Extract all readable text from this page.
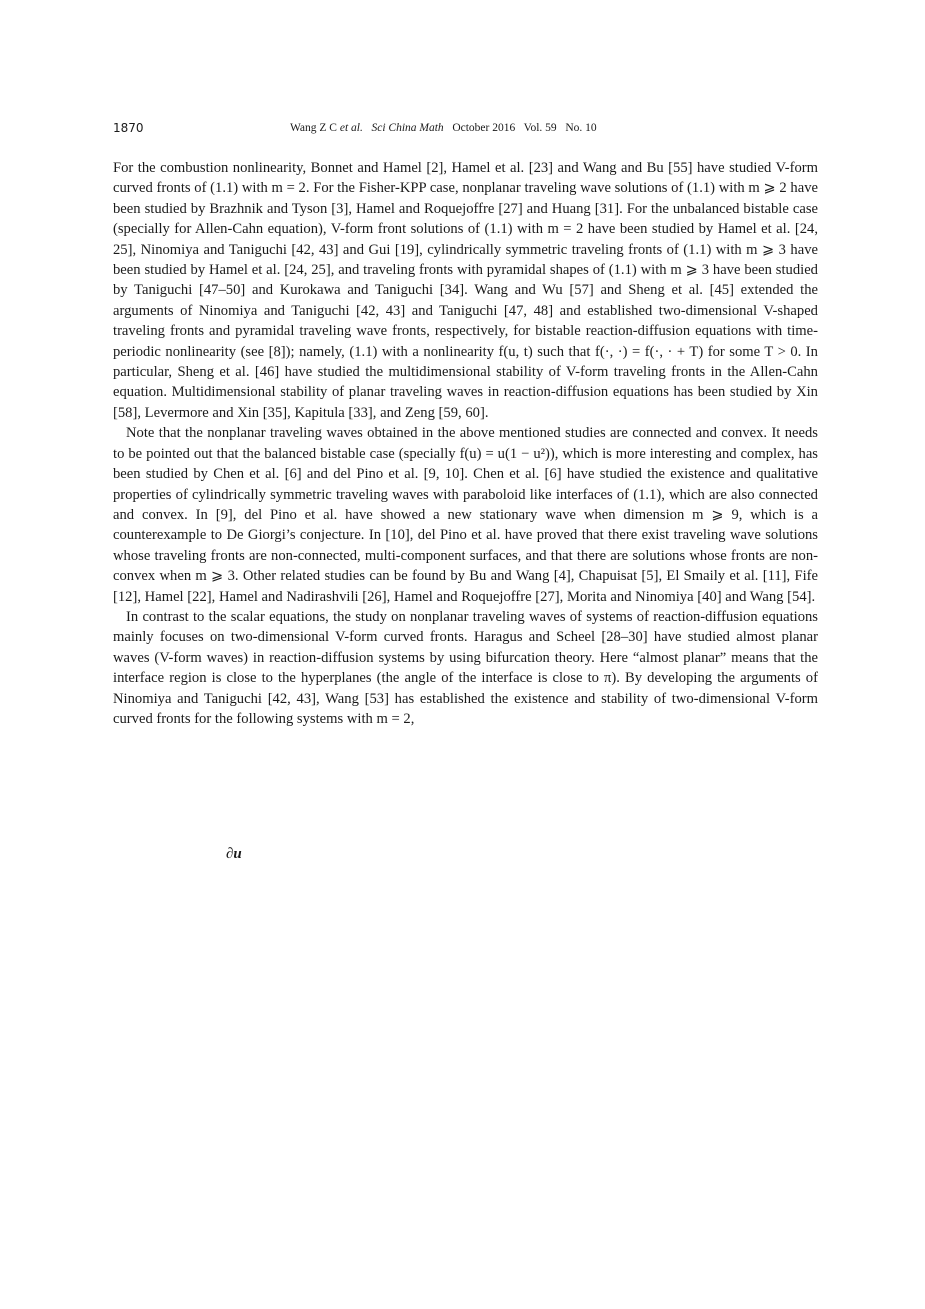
1870	Wang Z C et al. Sci China Math October 2016 Vol. 59 No. 10

For the combustion nonlinearity, Bonnet and Hamel [2], Hamel et al. [23] and Wang and Bu [55] have studied V-form curved fronts of (1.1) with m = 2. For the Fisher-KPP case, nonplanar traveling wave solutions of (1.1) with m ⩾ 2 have been studied by Brazhnik and Tyson [3], Hamel and Roquejoffre [27] and Huang [31]. For the unbalanced bistable case (specially for Allen-Cahn equation), V-form front solutions of (1.1) with m = 2 have been studied by Hamel et al. [24, 25], Ninomiya and Taniguchi [42, 43] and Gui [19], cylindrically symmetric traveling fronts of (1.1) with m ⩾ 3 have been studied by Hamel et al. [24, 25], and traveling fronts with pyramidal shapes of (1.1) with m ⩾ 3 have been studied by Taniguchi [47–50] and Kurokawa and Taniguchi [34]. Wang and Wu [57] and Sheng et al. [45] extended the arguments of Ninomiya and Taniguchi [42, 43] and Taniguchi [47, 48] and established two-dimensional V-shaped traveling fronts and pyramidal traveling wave fronts, respectively, for bistable reaction-diffusion equations with time-periodic nonlinearity (see [8]); namely, (1.1) with a nonlinearity f(u, t) such that f(·, ·) = f(·, · + T) for some T > 0. In particular, Sheng et al. [46] have studied the multidimensional stability of V-form traveling fronts in the Allen-Cahn equation. Multidimensional stability of planar traveling waves in reaction-diffusion equations has been studied by Xin [58], Levermore and Xin [35], Kapitula [33], and Zeng [59, 60].

Note that the nonplanar traveling waves obtained in the above mentioned studies are connected and convex. It needs to be pointed out that the balanced bistable case (specially f(u) = u(1 − u²)), which is more interesting and complex, has been studied by Chen et al. [6] and del Pino et al. [9, 10]. Chen et al. [6] have studied the existence and qualitative properties of cylindrically symmetric traveling waves with paraboloid like interfaces of (1.1), which are also connected and convex. In [9], del Pino et al. have showed a new stationary wave when dimension m ⩾ 9, which is a counterexample to De Giorgi’s conjecture. In [10], del Pino et al. have proved that there exist traveling wave solutions whose traveling fronts are non-connected, multi-component surfaces, and that there are solutions whose fronts are non-convex when m ⩾ 3. Other related studies can be found by Bu and Wang [4], Chapuisat [5], El Smaily et al. [11], Fife [12], Hamel [22], Hamel and Nadirashvili [26], Hamel and Roquejoffre [27], Morita and Ninomiya [40] and Wang [54].

In contrast to the scalar equations, the study on nonplanar traveling waves of systems of reaction-diffusion equations mainly focuses on two-dimensional V-form curved fronts. Haragus and Scheel [28–30] have studied almost planar waves (V-form waves) in reaction-diffusion systems by using bifurcation theory. Here “almost planar” means that the interface region is close to the hyperplanes (the angle of the interface is close to π). By developing the arguments of Ninomiya and Taniguchi [42, 43], Wang [53] has established the existence and stability of two-dimensional V-form curved fronts for the following systems with m = 2,

∂u
